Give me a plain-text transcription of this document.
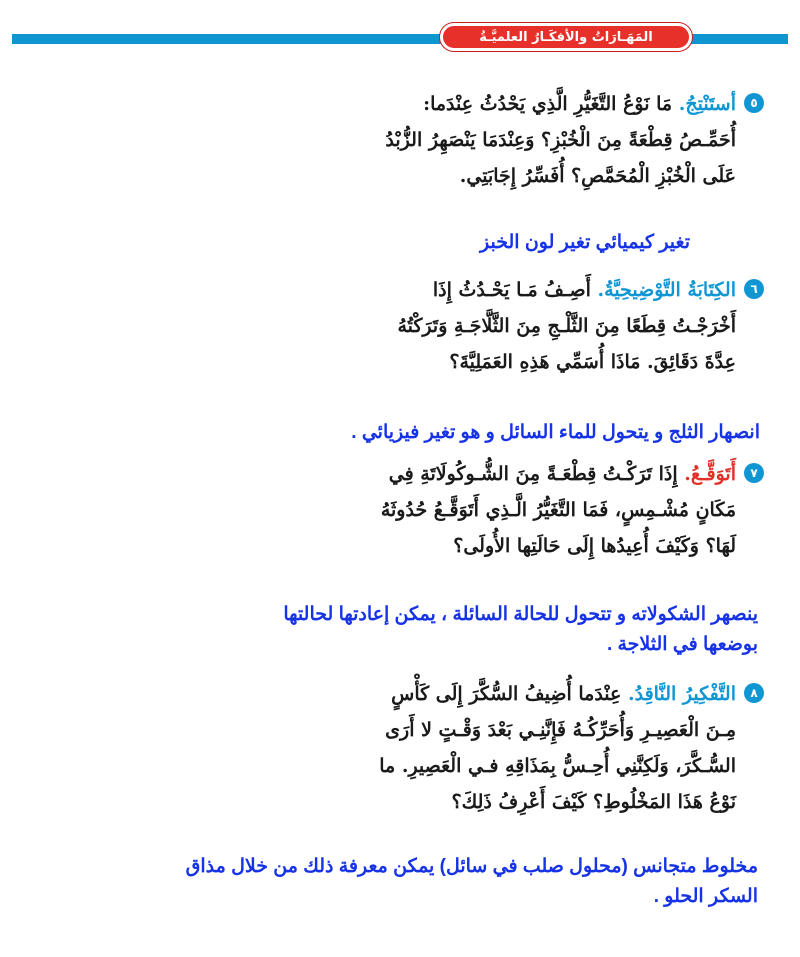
المَهَـارَاتُ والأفكَـارُ العلميَّـةُ
٥أستَنْتِجُ. مَا نَوْعُ التَّغَيُّرِ الَّذِي يَحْدُثُ عِنْدَما:
أُحَمِّـصُ قِطْعَةً مِنَ الْخُبْزِ؟ وَعِنْدَمَا يَنْصَهِرُ الزُّبْدُ
عَلَى الْخُبْزِ الْمُحَمَّصِ؟ أُفَسِّرُ إِجَابَتِي.
تغير كيميائي تغير لون الخبز
٦الكِتَابَةُ التَّوْضِيحِيَّةُ. أَصِـفُ مَـا يَحْـدُثُ إِذَا
أَخْرَجْـتُ قِطَعًا مِنَ الثَّلْـجِ مِنَ الثَّلَّاجَـةِ وَتَرَكْتُهُ
عِدَّةَ دَقَائِقَ. مَاذَا أُسَمِّي هَذِهِ العَمَلِيَّةَ؟
انصهار الثلج و يتحول للماء السائل و هو تغير فيزيائي .
٧أَتَوَقَّـعُ. إِذَا تَرَكْـتُ قِطْعَـةً مِنَ الشُّـوكُولَاتَةِ فِي
مَكَانٍ مُشْـمِسٍ، فَمَا التَّغَيُّرُ الَّـذِي أَتَوَقَّـعُ حُدُوثَهُ
لَهَا؟ وَكَيْفَ أُعِيدُها إِلَى حَالَتِها الأُولَى؟
ينصهر الشكولاته و تتحول للحالة السائلة ، يمكن إعادتها لحالتها
بوضعها في الثلاجة .
٨التَّفْكِيرُ النَّاقِدُ. عِنْدَما أُضِيفُ السُّكَّرَ إِلَى كَأْسٍ
مِـنَ الْعَصِيـرِ وَأُحَرِّكُـهُ فَإِنَّنِـي بَعْدَ وَقْـتٍ لا أَرَى
السُّـكَّرَ، وَلَكِنَّنِي أُحِـسُّ بِمَذَاقِهِ فـي الْعَصِيرِ. ما
نَوْعُ هَذَا المَخْلُوطِ؟ كَيْفَ أَعْرِفُ ذَلِكَ؟
مخلوط متجانس (محلول صلب في سائل) يمكن معرفة ذلك من خلال مذاق
السكر الحلو .
